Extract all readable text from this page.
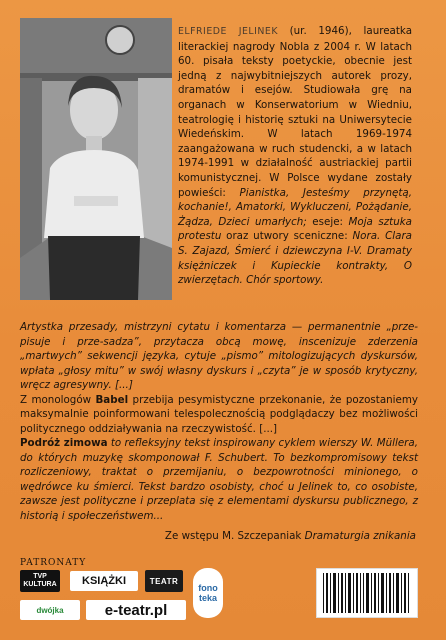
ELFRIEDE JELINEK (ur. 1946), laureatka literackiej nagrody Nobla z 2004 r. W latach 60. pisała teksty poetyckie, obecnie jest jedną z najwybitniejszych autorek prozy, dramatów i esejów. Studiowała grę na organach w Konserwatorium w Wiedniu, teatrologię i historię sztuki na Uniwersytecie Wiedeńskim. W latach 1969-1974 zaangażowana w ruch studencki, a w latach 1974-1991 w działalność austriackiej partii komunistycznej. W Polsce wydane zostały powieści: Pianistka, Jesteśmy przynętą, kochanie!, Amatorki, Wykluczeni, Pożądanie, Żądza, Dzieci umarłych; eseje: Moja sztuka protestu oraz utwory sceniczne: Nora. Clara S. Zajazd, Śmierć i dziewczyna I-V. Dramaty księżniczek i Kupieckie kontrakty, O zwierzętach. Chór sportowy.
Artystka przesady, mistrzyni cytatu i komentarza — permanentnie „prze-pisuje i prze-sadza”, przytacza obcą mowę, inscenizuje zderzenia „martwych” sekwencji języka, cytuje „pismo” mitologizujących dyskursów, wpłata „głosy mitu” w swój własny dyskurs i „czyta” je w sposób krytyczny, wręcz agresywny. [...]
Z monologów Babel przebija pesymistyczne przekonanie, że pozostaniemy maksymalnie poinformowani telespolecznością podglądaczy bez możliwości politycznego oddziaływania na rzeczywistość. [...]
Podróż zimowa to refleksyjny tekst inspirowany cyklem wierszy W. Müllera, do których muzykę skomponował F. Schubert. To bezkompromisowy tekst rozliczeniowy, traktat o przemijaniu, o bezpowrotności minionego, o wędrówce ku śmierci. Tekst bardzo osobisty, choć u Jelinek to, co osobiste, zawsze jest polityczne i przeplata się z elementami dyskursu publicznego, z historią i społeczeństwem...
Ze wstępu M. Szczepaniak Dramaturgia znikania
PATRONATY
TVP
KULTURA	KSIĄŻKI	TEATR
fono
teka
dwójka	e-teatr.pl
